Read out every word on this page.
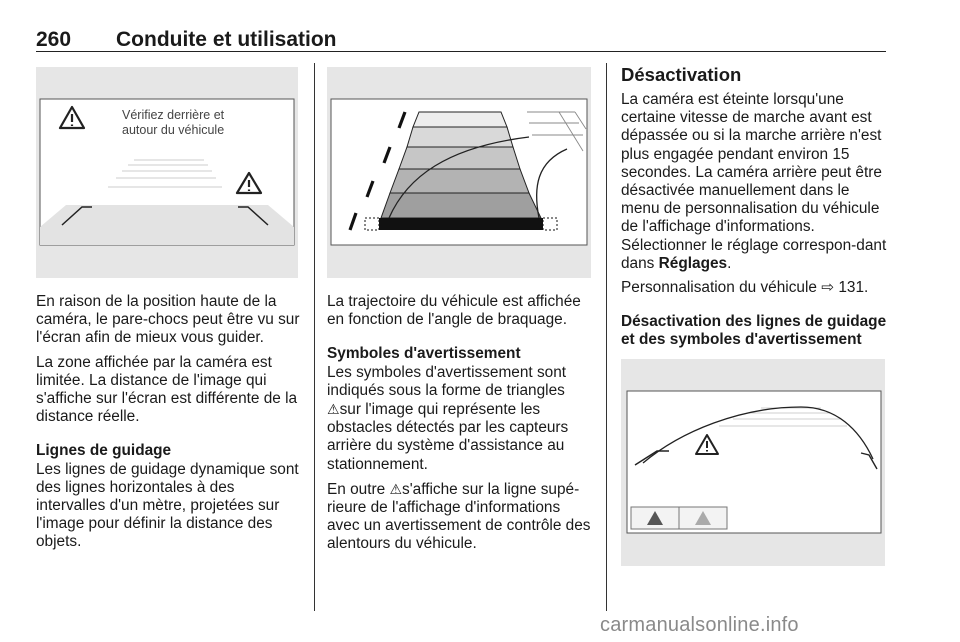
260 Conduite et utilisation
Vérifiez derrière et
autour du véhicule

En raison de la position haute de la caméra, le pare-chocs peut être vu sur l'écran afin de mieux vous guider.

La zone affichée par la caméra est limitée. La distance de l'image qui s'affiche sur l'écran est différente de la distance réelle.

Lignes de guidage

Les lignes de guidage dynamique sont des lignes horizontales à des intervalles d'un mètre, projetées sur l'image pour définir la distance des objets.

La trajectoire du véhicule est affichée en fonction de l'angle de braquage.

Symboles d'avertissement

Les symboles d'avertissement sont indiqués sous la forme de triangles ⚠sur l'image qui représente les obstacles détectés par les capteurs arrière du système d'assistance au stationnement.

En outre ⚠s'affiche sur la ligne supé‐rieure de l'affichage d'informations avec un avertissement de contrôle des alentours du véhicule.

Désactivation

La caméra est éteinte lorsqu'une certaine vitesse de marche avant est dépassée ou si la marche arrière n'est plus engagée pendant environ 15 secondes. La caméra arrière peut être désactivée manuellement dans le menu de personnalisation du véhicule de l'affichage d'informations. Sélectionner le réglage correspon‐dant dans Réglages.

Personnalisation du véhicule ⇨ 131.

Désactivation des lignes de guidage et des symboles d'avertissement
carmanualsonline.info
